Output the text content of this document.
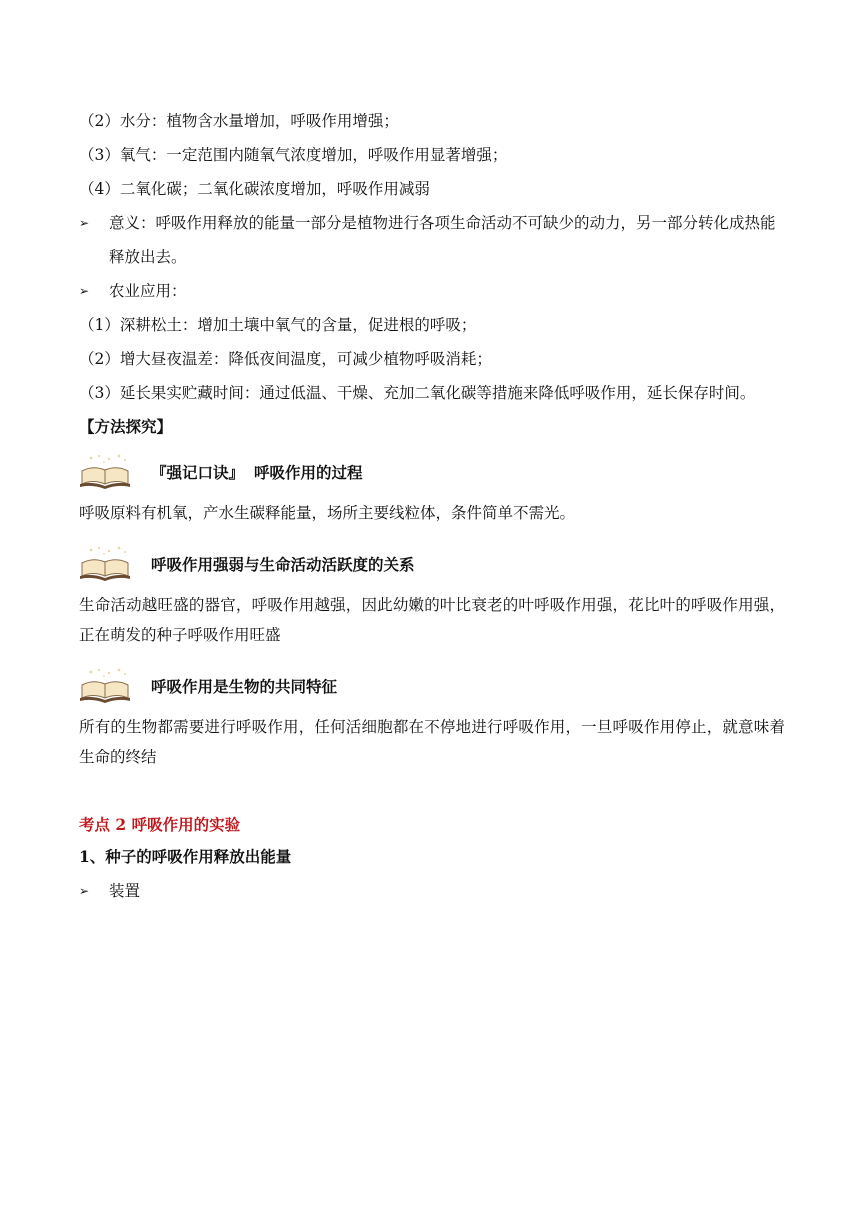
（2）水分：植物含水量增加，呼吸作用增强；
（3）氧气：一定范围内随氧气浓度增加，呼吸作用显著增强；
（4）二氧化碳；二氧化碳浓度增加，呼吸作用减弱
➢ 意义：呼吸作用释放的能量一部分是植物进行各项生命活动不可缺少的动力，另一部分转化成热能释放出去。
➢ 农业应用：
（1）深耕松土：增加土壤中氧气的含量，促进根的呼吸；
（2）增大昼夜温差：降低夜间温度，可减少植物呼吸消耗；
（3）延长果实贮藏时间：通过低温、干燥、充加二氧化碳等措施来降低呼吸作用，延长保存时间。
【方法探究】
『强记口诀』 呼吸作用的过程
呼吸原料有机氧，产水生碳释能量，场所主要线粒体，条件简单不需光。
呼吸作用强弱与生命活动活跃度的关系
生命活动越旺盛的器官，呼吸作用越强，因此幼嫩的叶比衰老的叶呼吸作用强，花比叶的呼吸作用强，正在萌发的种子呼吸作用旺盛
呼吸作用是生物的共同特征
所有的生物都需要进行呼吸作用，任何活细胞都在不停地进行呼吸作用，一旦呼吸作用停止，就意味着生命的终结
考点 2 呼吸作用的实验
1、种子的呼吸作用释放出能量
➢ 装置
